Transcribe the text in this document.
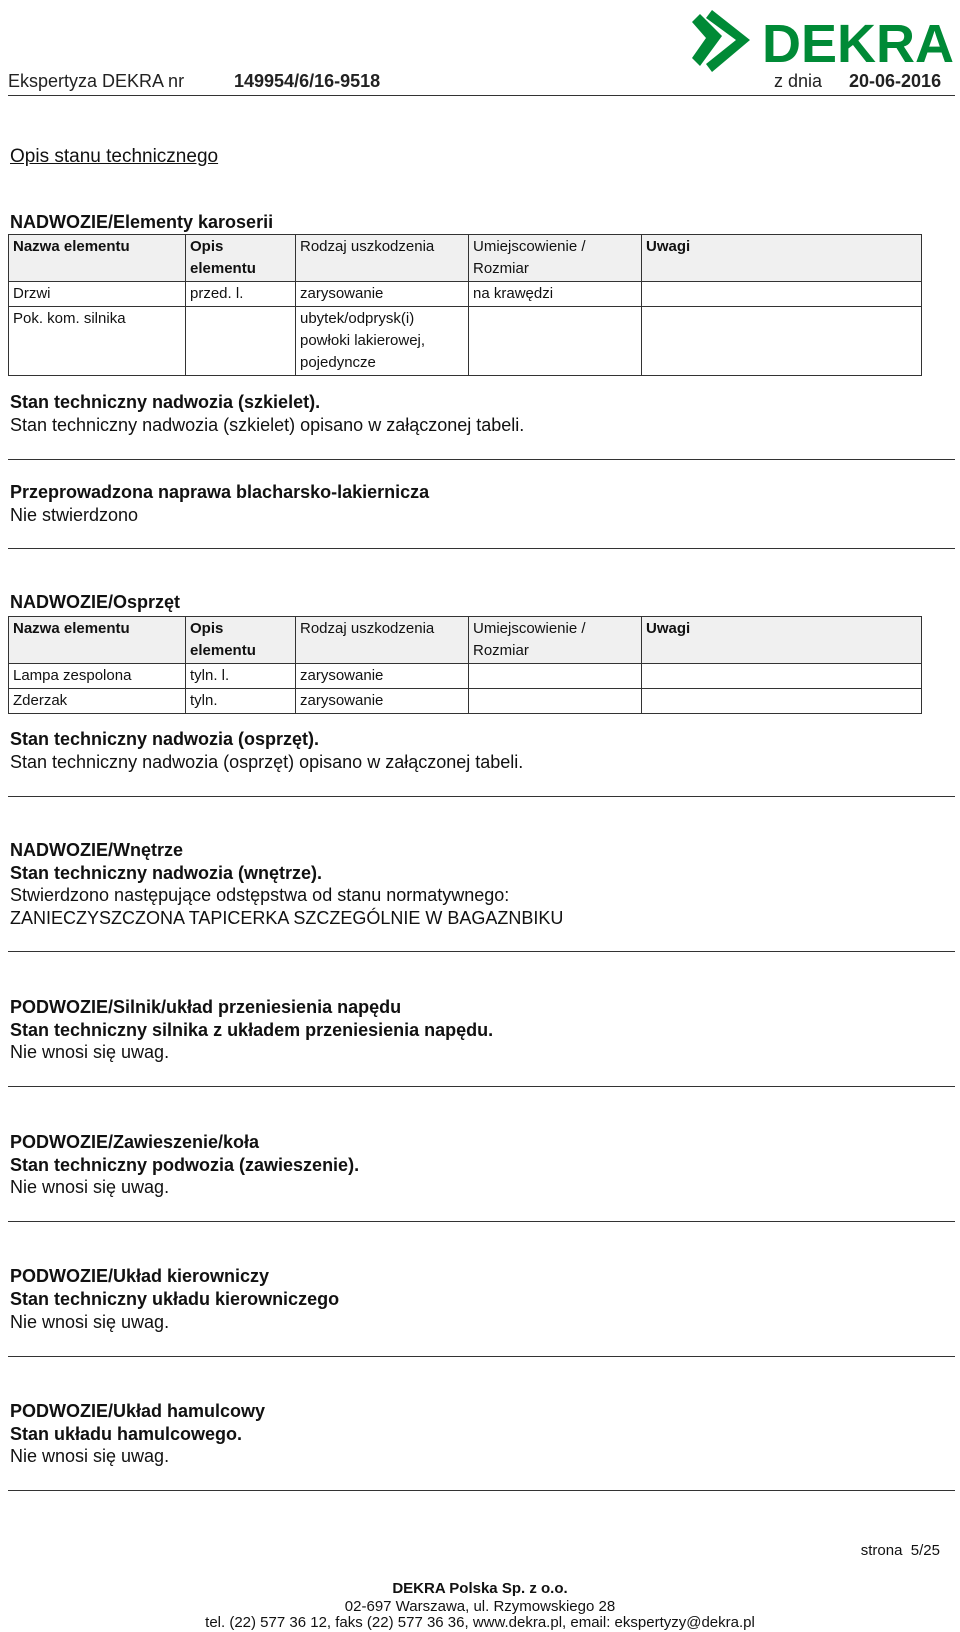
Ekspertyza DEKRA nr	149954/6/16-9518	z dnia 20-06-2016
DEKRA
Opis stanu technicznego
NADWOZIE/Elementy karoserii
Nazwa elementu	Opis
elementu	Rodzaj uszkodzenia	Umiejscowienie /
Rozmiar	Uwagi
Drzwi	przed. l.	zarysowanie	na krawędzi	
Pok. kom. silnika		ubytek/odprysk(i)
powłoki lakierowej,
pojedyncze		
Stan techniczny nadwozia (szkielet).
Stan techniczny nadwozia (szkielet) opisano w załączonej tabeli.
Przeprowadzona naprawa blacharsko-lakiernicza
Nie stwierdzono
NADWOZIE/Osprzęt
Nazwa elementu	Opis
elementu	Rodzaj uszkodzenia	Umiejscowienie /
Rozmiar	Uwagi
Lampa zespolona	tyln. l.	zarysowanie		
Zderzak	tyln.	zarysowanie		
Stan techniczny nadwozia (osprzęt).
Stan techniczny nadwozia (osprzęt) opisano w załączonej tabeli.
NADWOZIE/Wnętrze
Stan techniczny nadwozia (wnętrze).
Stwierdzono następujące odstępstwa od stanu normatywnego:
ZANIECZYSZCZONA TAPICERKA SZCZEGÓLNIE W BAGAZNBIKU
PODWOZIE/Silnik/układ przeniesienia napędu
Stan techniczny silnika z układem przeniesienia napędu.
Nie wnosi się uwag.
PODWOZIE/Zawieszenie/koła
Stan techniczny podwozia (zawieszenie).
Nie wnosi się uwag.
PODWOZIE/Układ kierowniczy
Stan techniczny układu kierowniczego
Nie wnosi się uwag.
PODWOZIE/Układ hamulcowy
Stan układu hamulcowego.
Nie wnosi się uwag.
strona 5/25
DEKRA Polska Sp. z o.o.
02-697 Warszawa, ul. Rzymowskiego 28
tel. (22) 577 36 12, faks (22) 577 36 36, www.dekra.pl, email: ekspertyzy@dekra.pl
